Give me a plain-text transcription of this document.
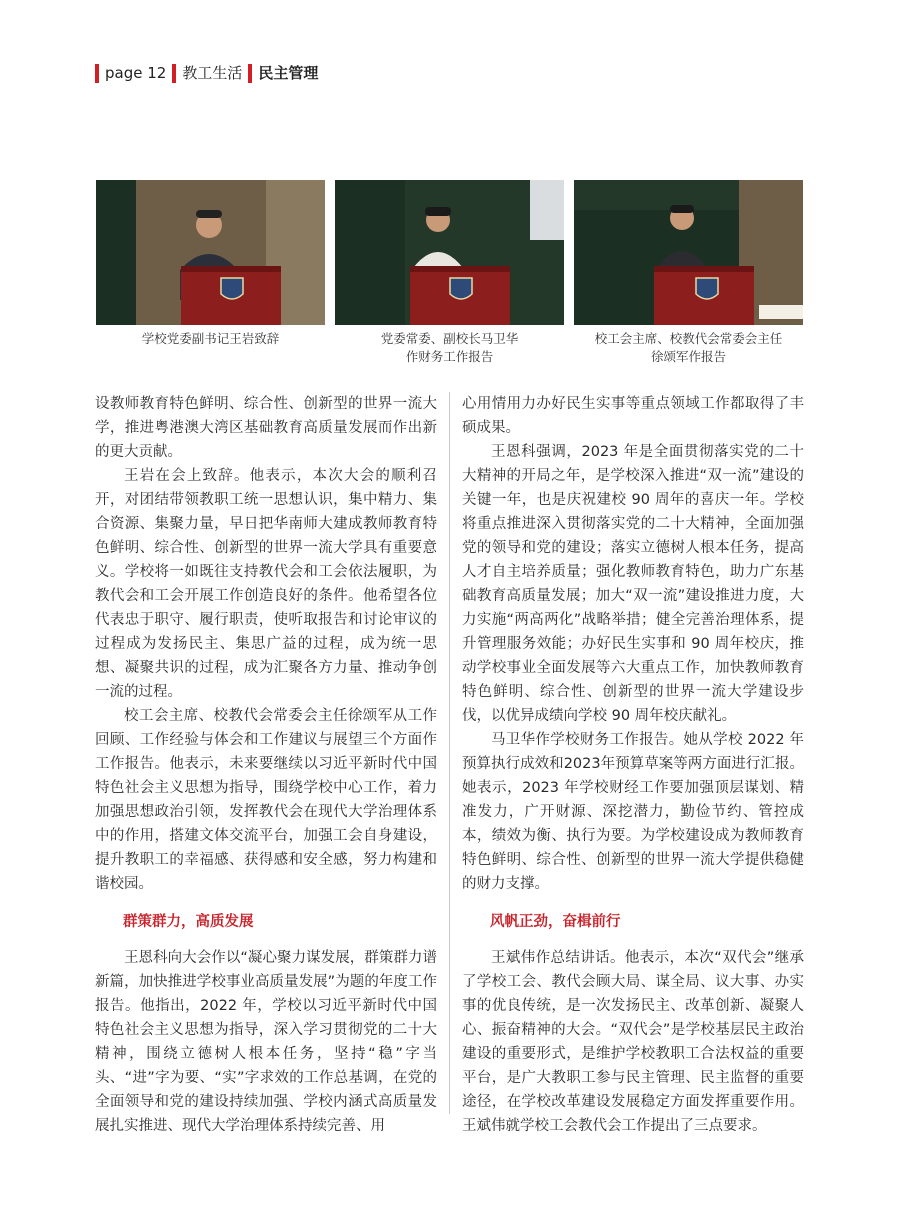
page 12	教工生活	民主管理
学校党委副书记王岩致辞	党委常委、副校长马卫华
作财务工作报告
校工会主席、校教代会常委会主任
徐颂军作报告

设教师教育特色鲜明、综合性、创新型的世界一流大学，推进粤港澳大湾区基础教育高质量发展而作出新的更大贡献。

王岩在会上致辞。他表示，本次大会的顺利召开，对团结带领教职工统一思想认识，集中精力、集合资源、集聚力量，早日把华南师大建成教师教育特色鲜明、综合性、创新型的世界一流大学具有重要意义。学校将一如既往支持教代会和工会依法履职，为教代会和工会开展工作创造良好的条件。他希望各位代表忠于职守、履行职责，使听取报告和讨论审议的过程成为发扬民主、集思广益的过程，成为统一思想、凝聚共识的过程，成为汇聚各方力量、推动争创一流的过程。

校工会主席、校教代会常委会主任徐颂军从工作回顾、工作经验与体会和工作建议与展望三个方面作工作报告。他表示，未来要继续以习近平新时代中国特色社会主义思想为指导，围绕学校中心工作，着力加强思想政治引领，发挥教代会在现代大学治理体系中的作用，搭建文体交流平台，加强工会自身建设，提升教职工的幸福感、获得感和安全感，努力构建和谐校园。

群策群力，高质发展

王恩科向大会作以“凝心聚力谋发展，群策群力谱新篇，加快推进学校事业高质量发展”为题的年度工作报告。他指出，2022 年，学校以习近平新时代中国特色社会主义思想为指导，深入学习贯彻党的二十大精神，围绕立德树人根本任务，坚持“稳”字当头、“进”字为要、“实”字求效的工作总基调，在党的全面领导和党的建设持续加强、学校内涵式高质量发展扎实推进、现代大学治理体系持续完善、用

心用情用力办好民生实事等重点领域工作都取得了丰硕成果。

王恩科强调，2023 年是全面贯彻落实党的二十大精神的开局之年，是学校深入推进“双一流”建设的关键一年，也是庆祝建校 90 周年的喜庆一年。学校将重点推进深入贯彻落实党的二十大精神，全面加强党的领导和党的建设；落实立德树人根本任务，提高人才自主培养质量；强化教师教育特色，助力广东基础教育高质量发展；加大“双一流”建设推进力度，大力实施“两高两化”战略举措；健全完善治理体系，提升管理服务效能；办好民生实事和 90 周年校庆，推动学校事业全面发展等六大重点工作，加快教师教育特色鲜明、综合性、创新型的世界一流大学建设步伐，以优异成绩向学校 90 周年校庆献礼。

马卫华作学校财务工作报告。她从学校 2022 年预算执行成效和2023年预算草案等两方面进行汇报。她表示，2023 年学校财经工作要加强顶层谋划、精准发力，广开财源、深挖潜力，勤俭节约、管控成本，绩效为衡、执行为要。为学校建设成为教师教育特色鲜明、综合性、创新型的世界一流大学提供稳健的财力支撑。

风帆正劲，奋楫前行

王斌伟作总结讲话。他表示，本次“双代会”继承了学校工会、教代会顾大局、谋全局、议大事、办实事的优良传统，是一次发扬民主、改革创新、凝聚人心、振奋精神的大会。“双代会”是学校基层民主政治建设的重要形式，是维护学校教职工合法权益的重要平台，是广大教职工参与民主管理、民主监督的重要途径，在学校改革建设发展稳定方面发挥重要作用。王斌伟就学校工会教代会工作提出了三点要求。
